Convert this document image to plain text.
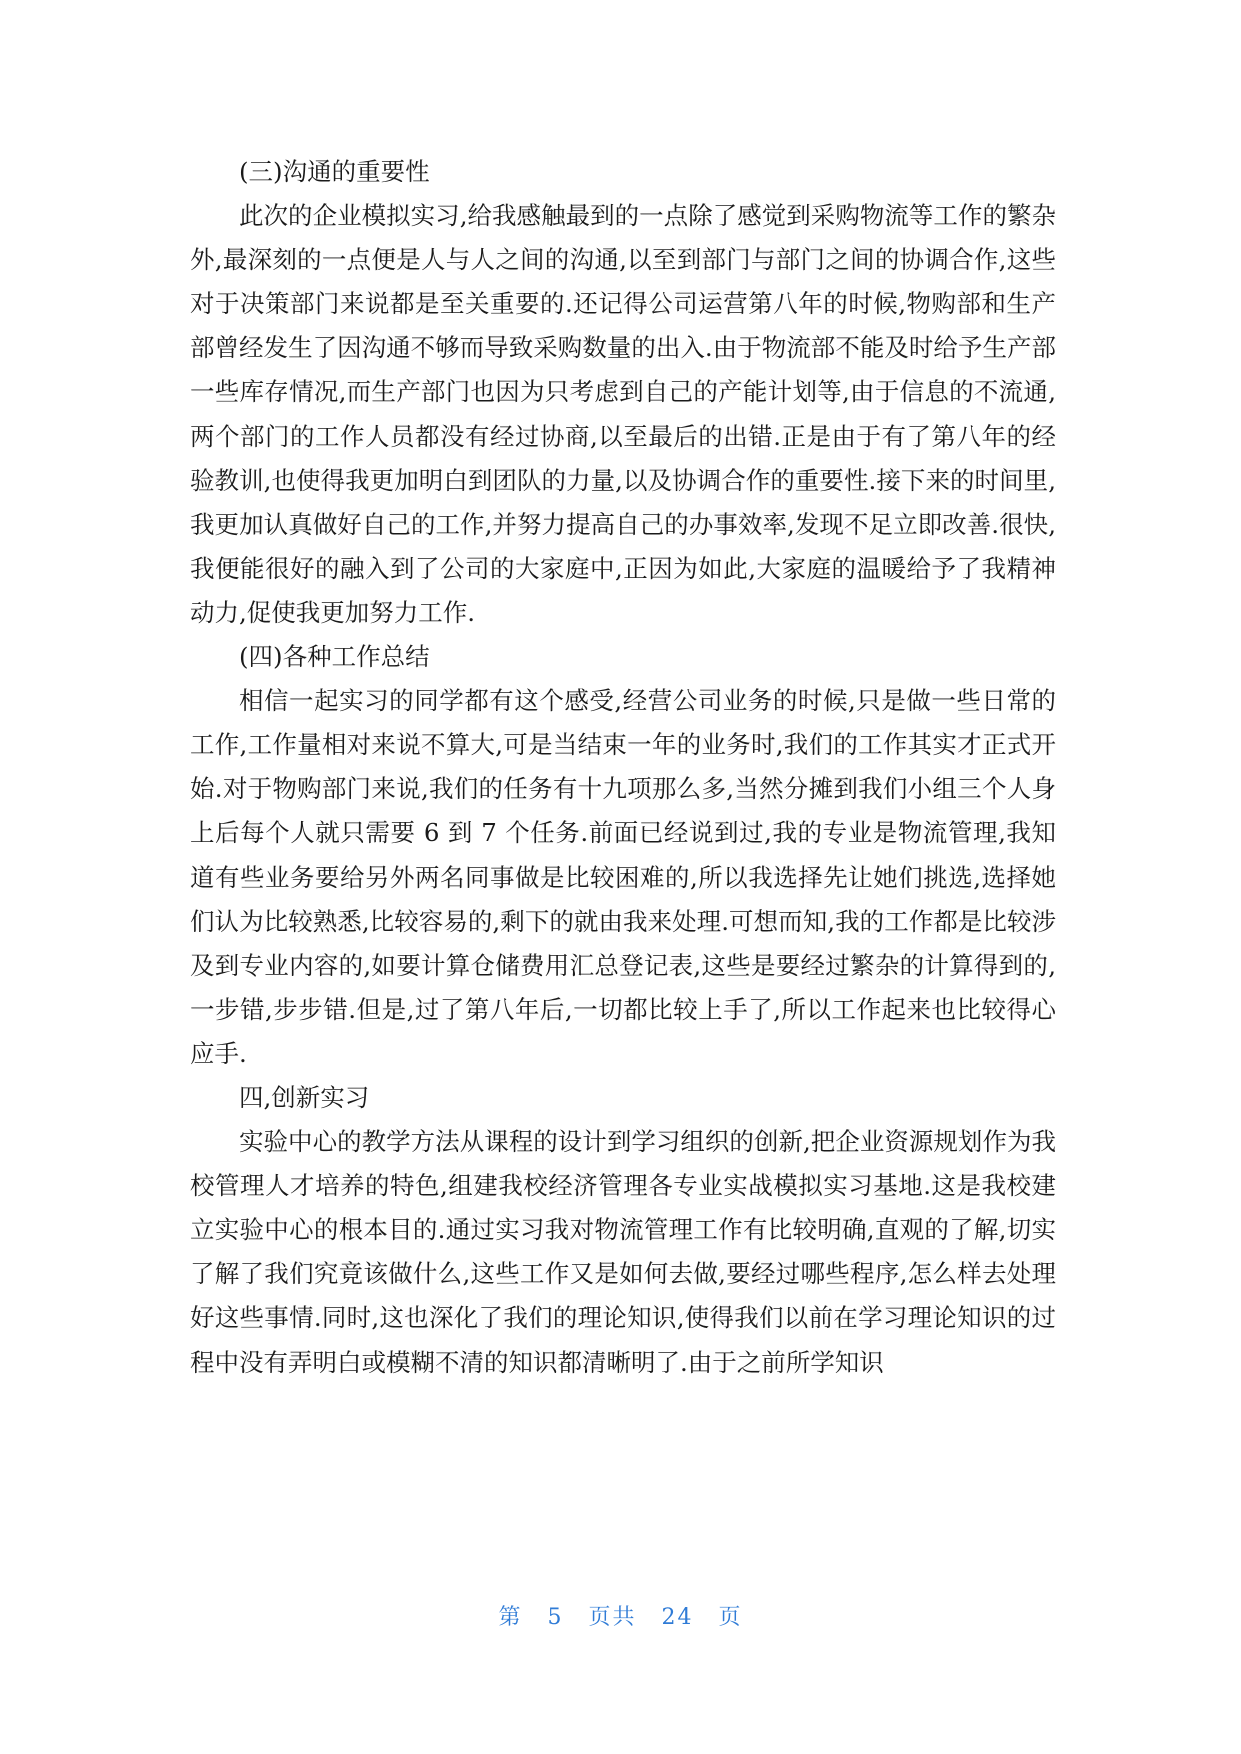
(三)沟通的重要性

此次的企业模拟实习,给我感触最到的一点除了感觉到采购物流等工作的繁杂外,最深刻的一点便是人与人之间的沟通,以至到部门与部门之间的协调合作,这些对于决策部门来说都是至关重要的.还记得公司运营第八年的时候,物购部和生产部曾经发生了因沟通不够而导致采购数量的出入.由于物流部不能及时给予生产部一些库存情况,而生产部门也因为只考虑到自己的产能计划等,由于信息的不流通,两个部门的工作人员都没有经过协商,以至最后的出错.正是由于有了第八年的经验教训,也使得我更加明白到团队的力量,以及协调合作的重要性.接下来的时间里,我更加认真做好自己的工作,并努力提高自己的办事效率,发现不足立即改善.很快,我便能很好的融入到了公司的大家庭中,正因为如此,大家庭的温暖给予了我精神动力,促使我更加努力工作.

(四)各种工作总结

相信一起实习的同学都有这个感受,经营公司业务的时候,只是做一些日常的工作,工作量相对来说不算大,可是当结束一年的业务时,我们的工作其实才正式开始.对于物购部门来说,我们的任务有十九项那么多,当然分摊到我们小组三个人身上后每个人就只需要 6 到 7 个任务.前面已经说到过,我的专业是物流管理,我知道有些业务要给另外两名同事做是比较困难的,所以我选择先让她们挑选,选择她们认为比较熟悉,比较容易的,剩下的就由我来处理.可想而知,我的工作都是比较涉及到专业内容的,如要计算仓储费用汇总登记表,这些是要经过繁杂的计算得到的,一步错,步步错.但是,过了第八年后,一切都比较上手了,所以工作起来也比较得心应手.

四,创新实习

实验中心的教学方法从课程的设计到学习组织的创新,把企业资源规划作为我校管理人才培养的特色,组建我校经济管理各专业实战模拟实习基地.这是我校建立实验中心的根本目的.通过实习我对物流管理工作有比较明确,直观的了解,切实了解了我们究竟该做什么,这些工作又是如何去做,要经过哪些程序,怎么样去处理好这些事情.同时,这也深化了我们的理论知识,使得我们以前在学习理论知识的过程中没有弄明白或模糊不清的知识都清晰明了.由于之前所学知识

第 5 页共 24 页
